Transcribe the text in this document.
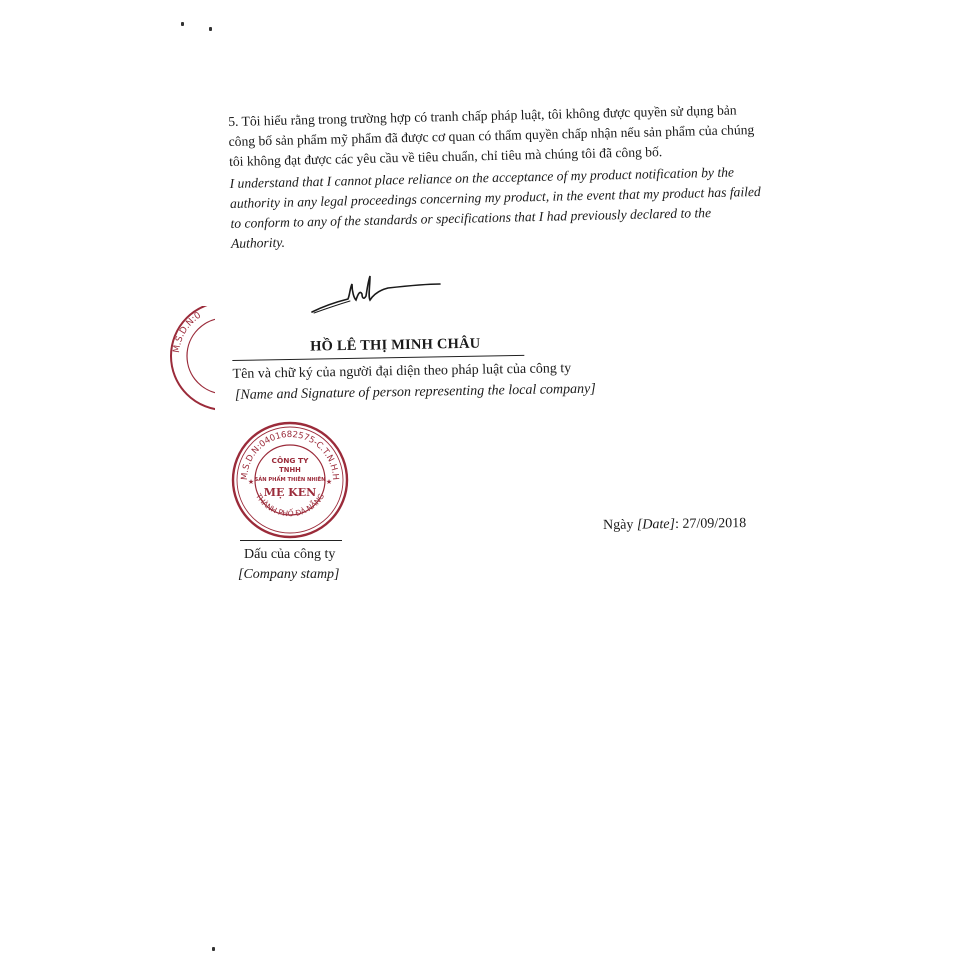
5. Tôi hiểu rằng trong trường hợp có tranh chấp pháp luật, tôi không được quyền sử dụng bản công bố sản phẩm mỹ phẩm đã được cơ quan có thẩm quyền chấp nhận nếu sản phẩm của chúng tôi không đạt được các yêu cầu về tiêu chuẩn, chỉ tiêu mà chúng tôi đã công bố.

I understand that I cannot place reliance on the acceptance of my product notification by the authority in any legal proceedings concerning my product, in the event that my product has failed to conform to any of the standards or specifications that I had previously declared to the Authority.

HỒ LÊ THỊ MINH CHÂU

Tên và chữ ký của người đại diện theo pháp luật của công ty

[Name and Signature of person representing the local company]

M.S.D.N:0
M.S.D.N:0401682575-C.T.N.H.H
THÀNH PHỐ ĐÀ NẴNG
★	★
CÔNG TY
TNHH
SẢN PHẨM THIÊN NHIÊN
MẸ KEN

Dấu của công ty

[Company stamp]

Ngày [Date]: 27/09/2018
